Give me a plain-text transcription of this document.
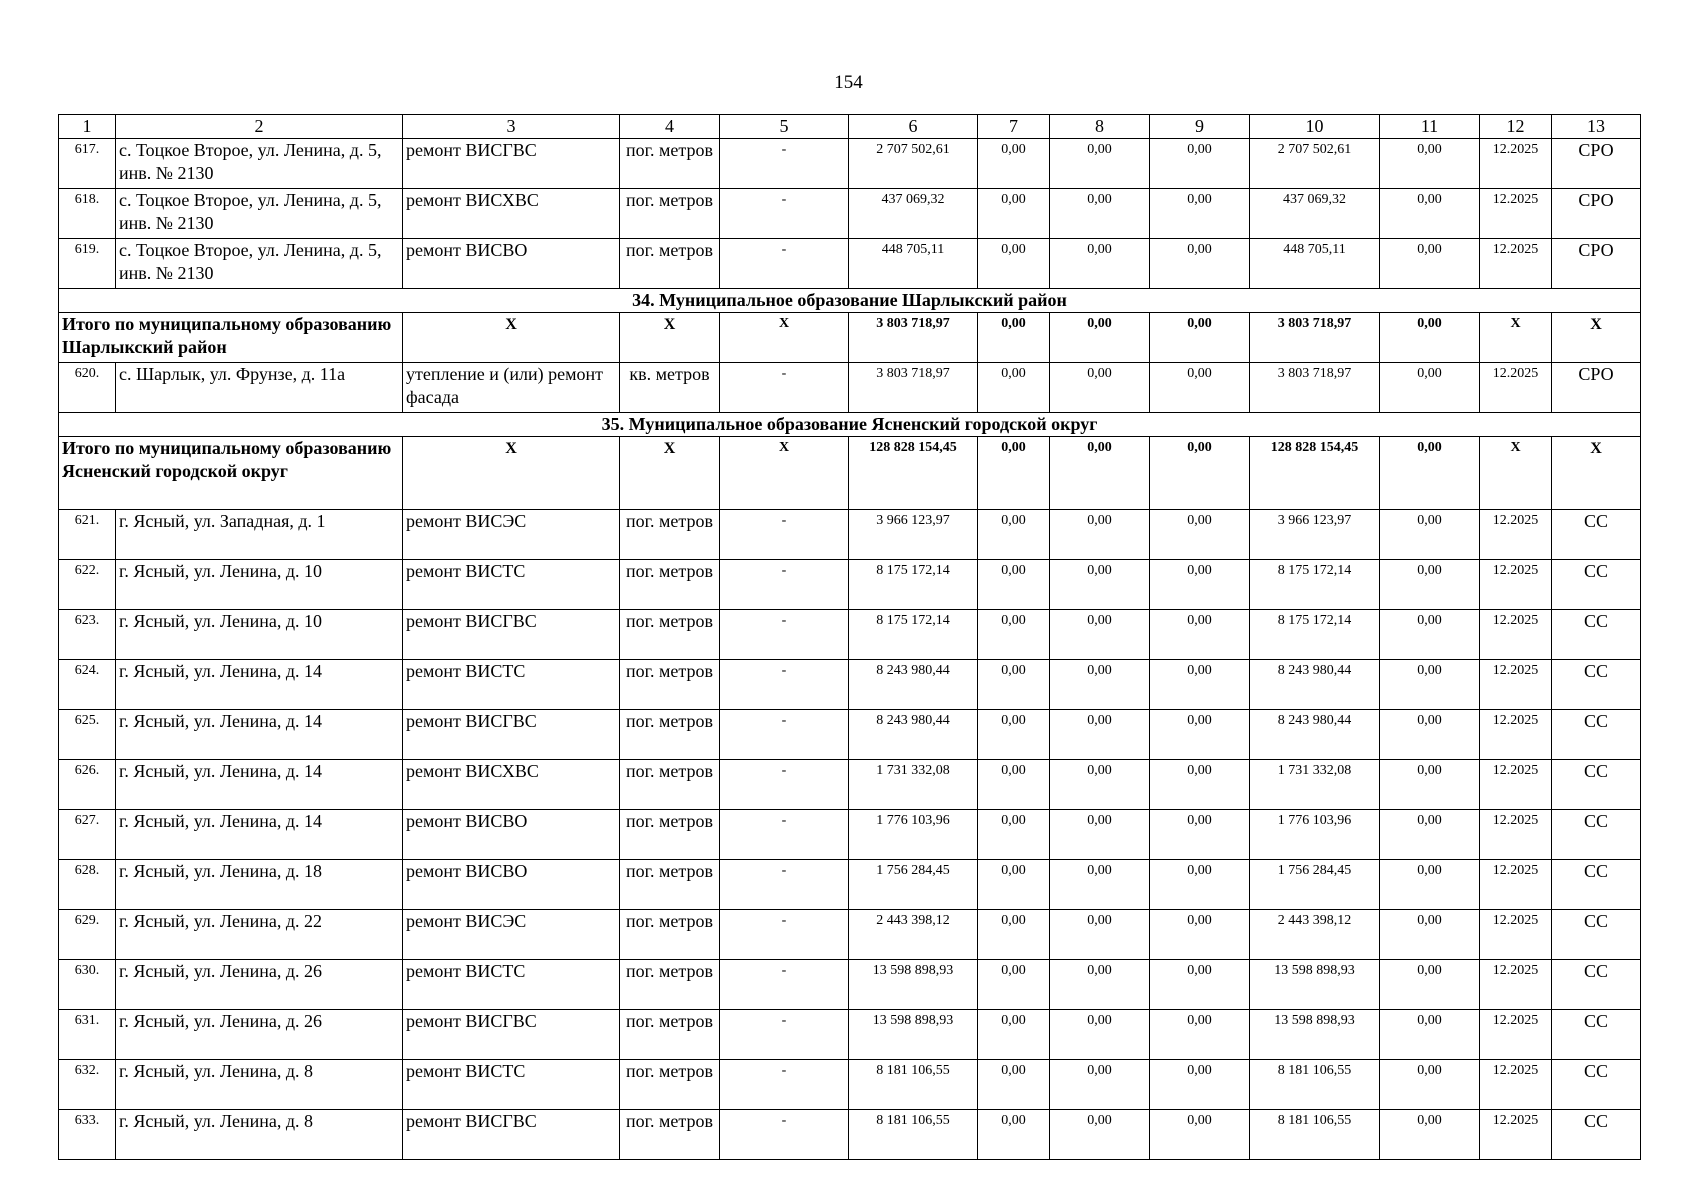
154
1	2	3	4	5	6	7	8	9	10	11	12	13
617.	с. Тоцкое Второе, ул. Ленина, д. 5, инв. № 2130	ремонт ВИСГВС	пог. метров	-	2 707 502,61	0,00	0,00	0,00	2 707 502,61	0,00	12.2025	СРО
618.	с. Тоцкое Второе, ул. Ленина, д. 5, инв. № 2130	ремонт ВИСХВС	пог. метров	-	437 069,32	0,00	0,00	0,00	437 069,32	0,00	12.2025	СРО
619.	с. Тоцкое Второе, ул. Ленина, д. 5, инв. № 2130	ремонт ВИСВО	пог. метров	-	448 705,11	0,00	0,00	0,00	448 705,11	0,00	12.2025	СРО
34. Муниципальное образование Шарлыкский район												
Итого по муниципальному образованию Шарлыкский район		X	X	X	3 803 718,97	0,00	0,00	0,00	3 803 718,97	0,00	X	X
620.	с. Шарлык, ул. Фрунзе, д. 11а	утепление и (или) ремонт фасада	кв. метров	-	3 803 718,97	0,00	0,00	0,00	3 803 718,97	0,00	12.2025	СРО
35. Муниципальное образование Ясненский городской округ												
Итого по муниципальному образованию Ясненский городской округ		X	X	X	128 828 154,45	0,00	0,00	0,00	128 828 154,45	0,00	X	X
621.	г. Ясный, ул. Западная, д. 1	ремонт ВИСЭС	пог. метров	-	3 966 123,97	0,00	0,00	0,00	3 966 123,97	0,00	12.2025	СС
622.	г. Ясный, ул. Ленина, д. 10	ремонт ВИСТС	пог. метров	-	8 175 172,14	0,00	0,00	0,00	8 175 172,14	0,00	12.2025	СС
623.	г. Ясный, ул. Ленина, д. 10	ремонт ВИСГВС	пог. метров	-	8 175 172,14	0,00	0,00	0,00	8 175 172,14	0,00	12.2025	СС
624.	г. Ясный, ул. Ленина, д. 14	ремонт ВИСТС	пог. метров	-	8 243 980,44	0,00	0,00	0,00	8 243 980,44	0,00	12.2025	СС
625.	г. Ясный, ул. Ленина, д. 14	ремонт ВИСГВС	пог. метров	-	8 243 980,44	0,00	0,00	0,00	8 243 980,44	0,00	12.2025	СС
626.	г. Ясный, ул. Ленина, д. 14	ремонт ВИСХВС	пог. метров	-	1 731 332,08	0,00	0,00	0,00	1 731 332,08	0,00	12.2025	СС
627.	г. Ясный, ул. Ленина, д. 14	ремонт ВИСВО	пог. метров	-	1 776 103,96	0,00	0,00	0,00	1 776 103,96	0,00	12.2025	СС
628.	г. Ясный, ул. Ленина, д. 18	ремонт ВИСВО	пог. метров	-	1 756 284,45	0,00	0,00	0,00	1 756 284,45	0,00	12.2025	СС
629.	г. Ясный, ул. Ленина, д. 22	ремонт ВИСЭС	пог. метров	-	2 443 398,12	0,00	0,00	0,00	2 443 398,12	0,00	12.2025	СС
630.	г. Ясный, ул. Ленина, д. 26	ремонт ВИСТС	пог. метров	-	13 598 898,93	0,00	0,00	0,00	13 598 898,93	0,00	12.2025	СС
631.	г. Ясный, ул. Ленина, д. 26	ремонт ВИСГВС	пог. метров	-	13 598 898,93	0,00	0,00	0,00	13 598 898,93	0,00	12.2025	СС
632.	г. Ясный, ул. Ленина, д. 8	ремонт ВИСТС	пог. метров	-	8 181 106,55	0,00	0,00	0,00	8 181 106,55	0,00	12.2025	СС
633.	г. Ясный, ул. Ленина, д. 8	ремонт ВИСГВС	пог. метров	-	8 181 106,55	0,00	0,00	0,00	8 181 106,55	0,00	12.2025	СС
